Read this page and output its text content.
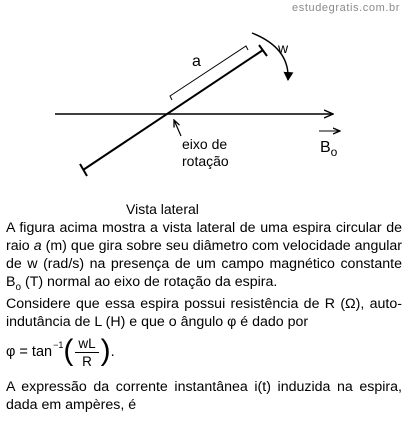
estudegratis.com.br
a
w
eixo de
rotação
$B_o$
Vista lateral
A figura acima mostra a vista lateral de uma espira circular de raio a (m) que gira sobre seu diâmetro com velocidade angular de w (rad/s) na presença de um campo magnético constante $B_o$ (T) normal ao eixo de rotação da espira.
Considere que essa espira possui resistência de R (Ω), auto-indutância de L (H) e que o ângulo φ é dado por
φ = tan −1 ( $\frac{wL}{R}$ ) .
A expressão da corrente instantânea i(t) induzida na espira, dada em ampères, é
